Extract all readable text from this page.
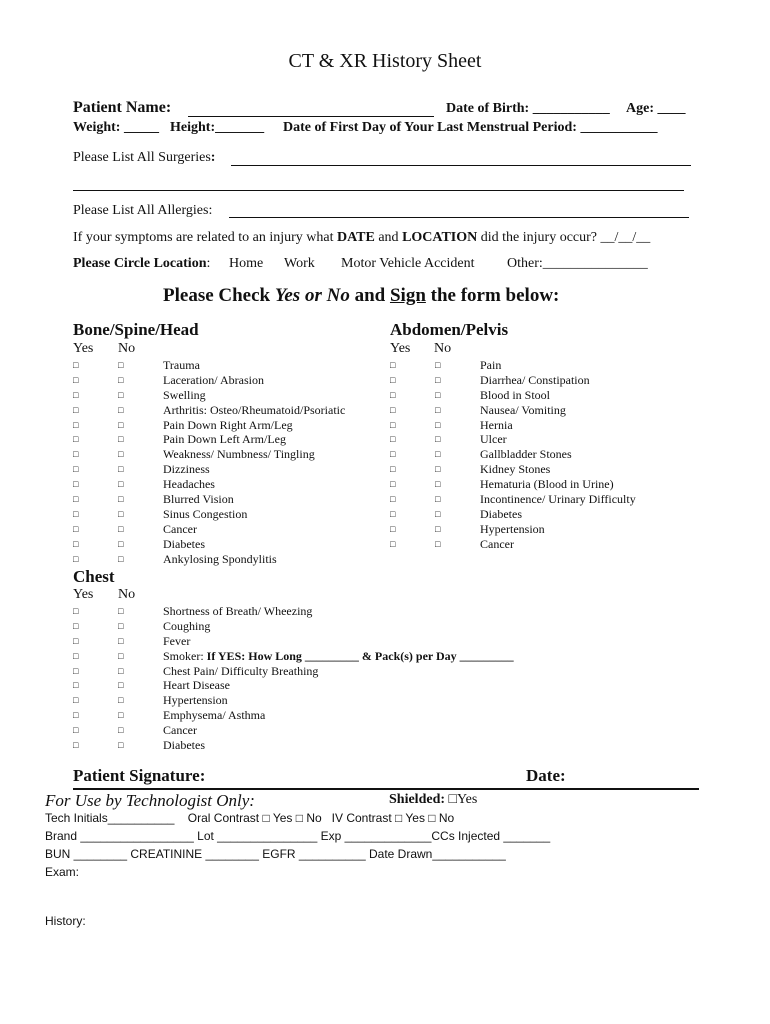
CT & XR History Sheet
Patient Name:	Date of Birth: ___________ Age: ____
Weight: _____ Height:_______ Date of First Day of Your Last Menstrual Period: ___________
Please List All Surgeries:
Please List All Allergies:
If your symptoms are related to an injury what DATE and LOCATION did the injury occur? __/__/__
Please Circle Location: Home Work Motor Vehicle Accident Other:_______________
Please Check Yes or No and Sign the form below:
Bone/Spine/Head
Yes No
□	□	Trauma
□	□	Laceration/ Abrasion
□	□	Swelling
□	□	Arthritis: Osteo/Rheumatoid/Psoriatic
□	□	Pain Down Right Arm/Leg
□	□	Pain Down Left Arm/Leg
□	□	Weakness/ Numbness/ Tingling
□	□	Dizziness
□	□	Headaches
□	□	Blurred Vision
□	□	Sinus Congestion
□	□	Cancer
□	□	Diabetes
□	□	Ankylosing Spondylitis
Abdomen/Pelvis
Yes No
□	□	Pain
□	□	Diarrhea/ Constipation
□	□	Blood in Stool
□	□	Nausea/ Vomiting
□	□	Hernia
□	□	Ulcer
□	□	Gallbladder Stones
□	□	Kidney Stones
□	□	Hematuria (Blood in Urine)
□	□	Incontinence/ Urinary Difficulty
□	□	Diabetes
□	□	Hypertension
□	□	Cancer
Chest
Yes No
□	□	Shortness of Breath/ Wheezing
□	□	Coughing
□	□	Fever
□	□	Smoker: If YES: How Long _________ & Pack(s) per Day _________
□	□	Chest Pain/ Difficulty Breathing
□	□	Heart Disease
□	□	Hypertension
□	□	Emphysema/ Asthma
□	□	Cancer
□	□	Diabetes
Patient Signature:	Date:
For Use by Technologist Only:	Shielded: □Yes
Tech Initials__________    Oral Contrast □ Yes □ No   IV Contrast □ Yes □ No
Brand _________________ Lot _______________ Exp _____________CCs Injected _______
BUN ________ CREATININE ________ EGFR __________ Date Drawn___________
Exam:
History:
